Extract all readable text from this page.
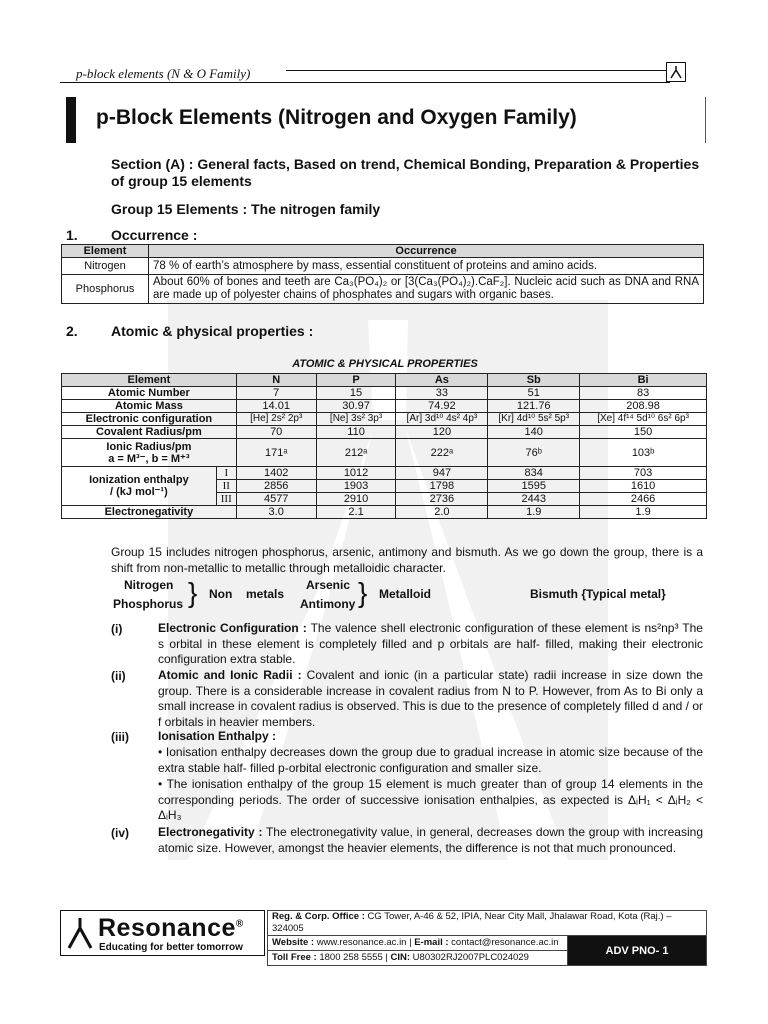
p-block elements (N & O Family)
p-Block Elements (Nitrogen and Oxygen Family)
Section (A) : General facts, Based on trend, Chemical Bonding, Preparation & Properties of group 15 elements
Group 15 Elements : The nitrogen family
1. Occurrence :
Element	Occurrence
Nitrogen	78 % of earth’s atmosphere by mass, essential constituent of proteins and amino acids.
Phosphorus	About 60% of bones and teeth are Ca₃(PO₄)₂ or [3(Ca₃(PO₄)₂).CaF₂]. Nucleic acid such as DNA and RNA are made up of polyester chains of phosphates and sugars with organic bases.
2. Atomic & physical properties :
ATOMIC & PHYSICAL PROPERTIES
Element		N	P	As	Sb	Bi
Atomic Number		7	15	33	51	83
Atomic Mass		14.01	30.97	74.92	121.76	208.98
Electronic configuration		[He] 2s² 2p³	[Ne] 3s² 3p³	[Ar] 3d¹⁰ 4s² 4p³	[Kr] 4d¹⁰ 5s² 5p³	[Xe] 4f¹⁴ 5d¹⁰ 6s² 6p³
Covalent Radius/pm		70	110	120	140	150

Ionic Radius/pm
a = M³⁻, b = M⁺³		171ᵃ	212ᵃ	222ᵃ	76ᵇ	103ᵇ

Ionization enthalpy
/ (kJ mol⁻¹)	I	1402	1012	947	834	703
	II	2856	1903	1798	1595	1610
	III	4577	2910	2736	2443	2466
Electronegativity		3.0	2.1	2.0	1.9	1.9
Group 15 includes nitrogen phosphorus, arsenic, antimony and bismuth. As we go down the group, there is a shift from non-metallic to metallic through metalloidic character.
Nitrogen
Phosphorus } Non metals
Arsenic
Antimony } Metalloid	Bismuth {Typical metal}
(i)	Electronic Configuration : The valence shell electronic configuration of these element is ns²np³ The s orbital in these element is completely filled and p orbitals are half- filled, making their electronic configuration extra stable.
(ii)	Atomic and Ionic Radii : Covalent and ionic (in a particular state) radii increase in size down the group. There is a considerable increase in covalent radius from N to P. However, from As to Bi only a small increase in covalent radius is observed. This is due to the presence of completely filled d and / or f orbitals in heavier members.
(iii) Ionisation Enthalpy :
• Ionisation enthalpy decreases down the group due to gradual increase in atomic size because of the extra stable half- filled p-orbital electronic configuration and smaller size.
• The ionisation enthalpy of the group 15 element is much greater than of group 14 elements in the corresponding periods. The order of successive ionisation enthalpies, as expected is ΔᵢH₁ < ΔᵢH₂ < ΔᵢH₃
(iv) Electronegativity : The electronegativity value, in general, decreases down the group with increasing atomic size. However, amongst the heavier elements, the difference is not that much pronounced.
Resonance®
Educating for better tomorrow
Reg. & Corp. Office : CG Tower, A-46 & 52, IPIA, Near City Mall, Jhalawar Road, Kota (Raj.) – 324005
Website : www.resonance.ac.in | E-mail : contact@resonance.ac.in	ADV PNO- 1
Toll Free : 1800 258 5555 | CIN: U80302RJ2007PLC024029
